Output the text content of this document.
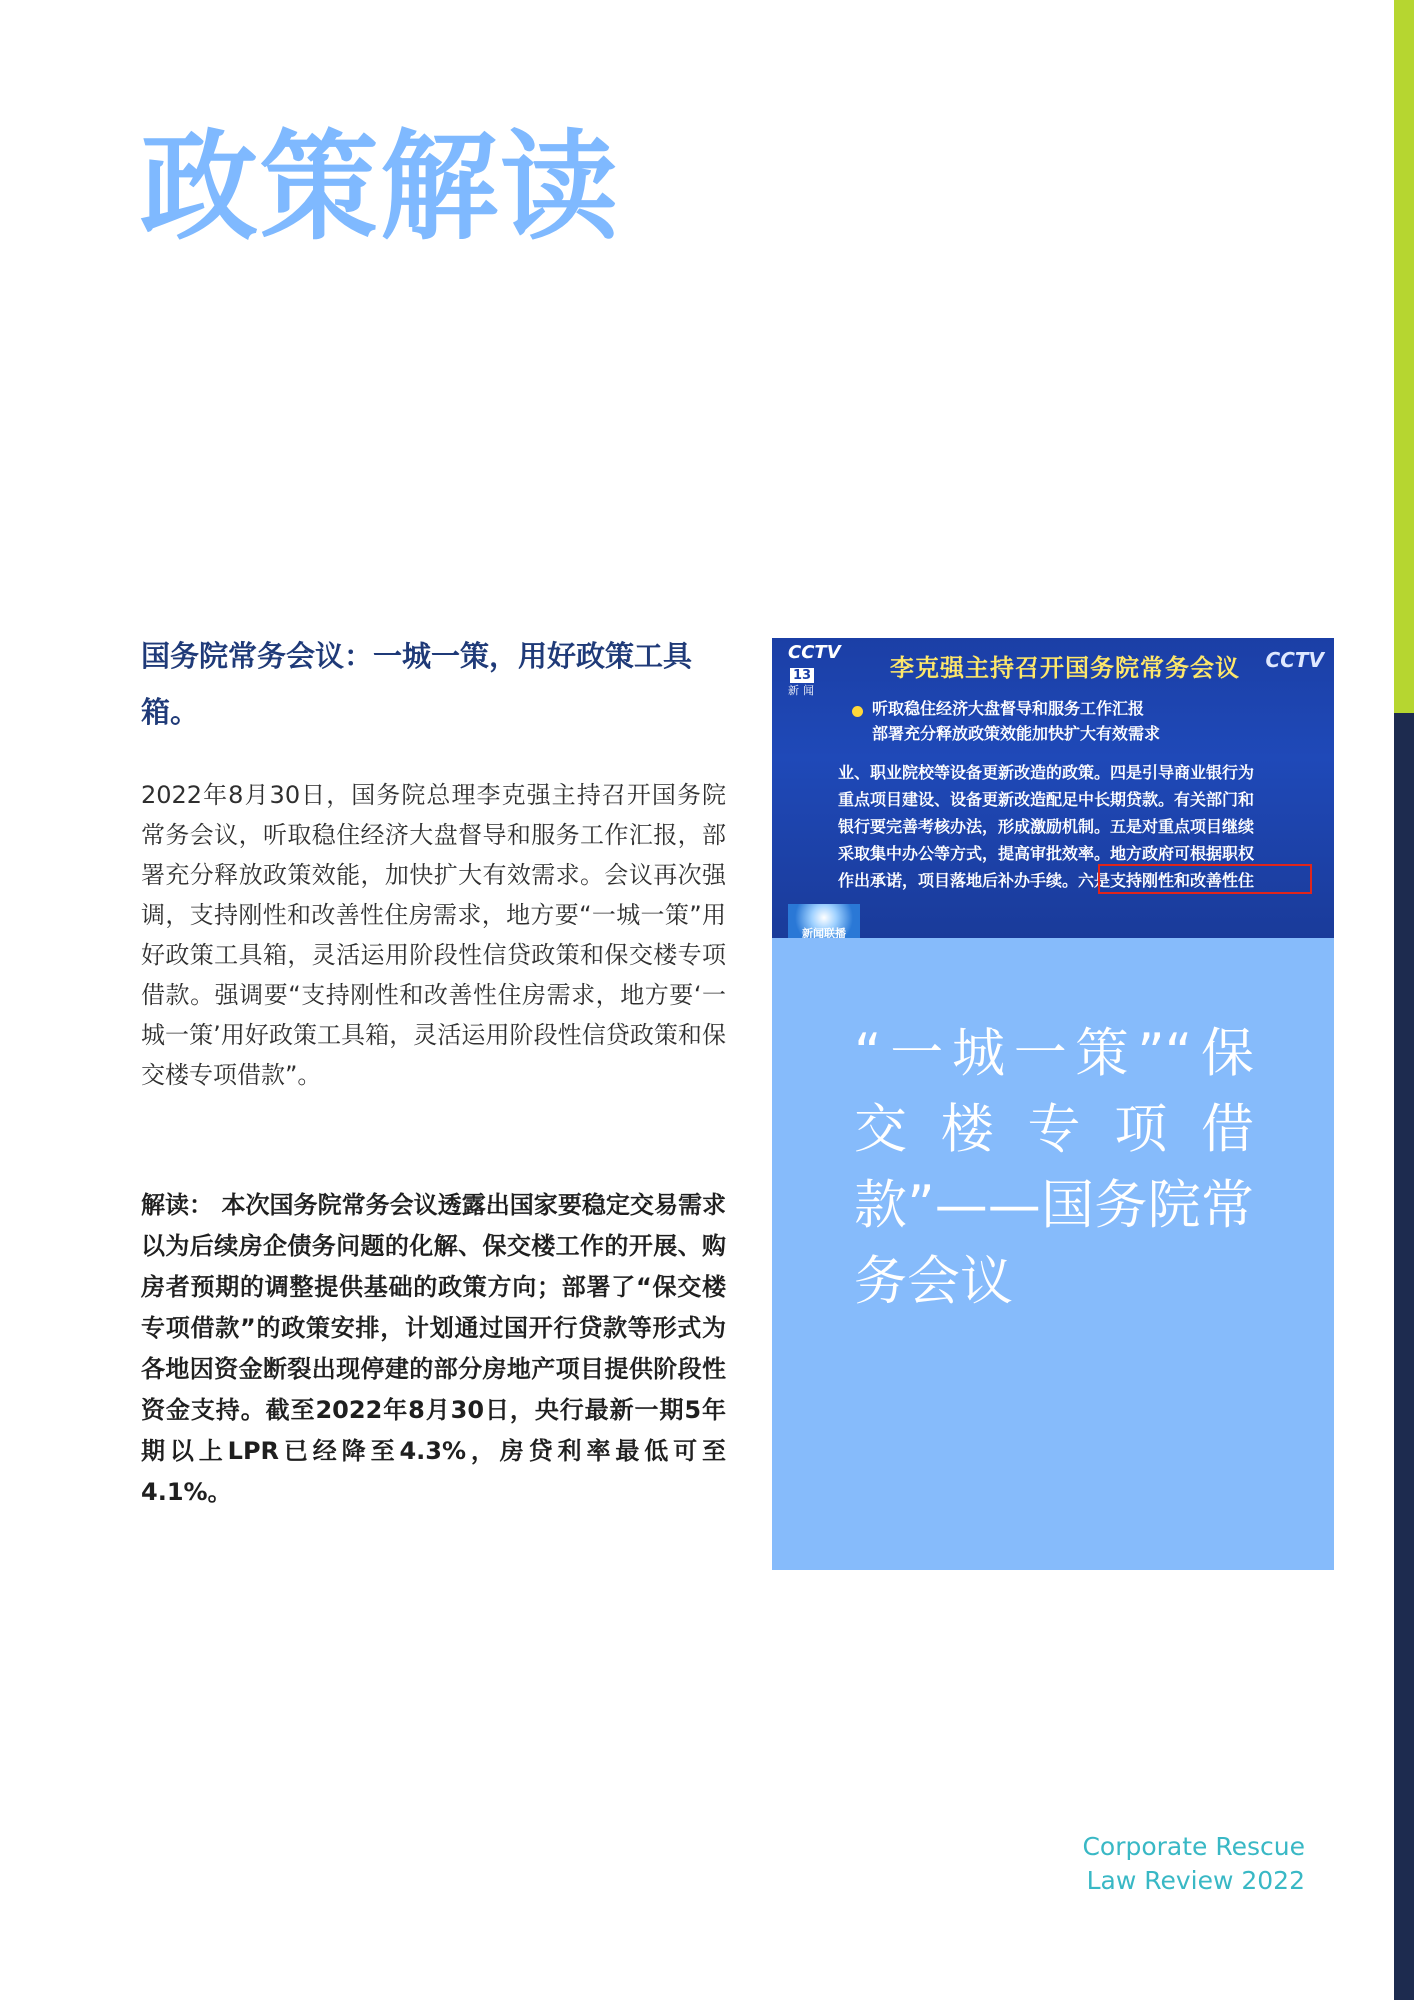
政策解读
国务院常务会议：一城一策，用好政策工具箱。
2022年8月30日，国务院总理李克强主持召开国务院常务会议，听取稳住经济大盘督导和服务工作汇报，部署充分释放政策效能，加快扩大有效需求。会议再次强调，支持刚性和改善性住房需求，地方要“一城一策”用好政策工具箱，灵活运用阶段性信贷政策和保交楼专项借款。强调要“支持刚性和改善性住房需求，地方要‘一城一策’用好政策工具箱，灵活运用阶段性信贷政策和保交楼专项借款”。
解读： 本次国务院常务会议透露出国家要稳定交易需求以为后续房企债务问题的化解、保交楼工作的开展、购房者预期的调整提供基础的政策方向；部署了“保交楼专项借款”的政策安排，计划通过国开行贷款等形式为各地因资金断裂出现停建的部分房地产项目提供阶段性资金支持。截至2022年8月30日，央行最新一期5年期以上LPR已经降至4.3%，房贷利率最低可至4.1%。
CCTV13
新闻
李克强主持召开国务院常务会议 CCTV
听取稳住经济大盘督导和服务工作汇报
部署充分释放政策效能加快扩大有效需求
业、职业院校等设备更新改造的政策。四是引导商业银行为
重点项目建设、设备更新改造配足中长期贷款。有关部门和
银行要完善考核办法，形成激励机制。五是对重点项目继续
采取集中办公等方式，提高审批效率。地方政府可根据职权
作出承诺，项目落地后补办手续。六是支持刚性和改善性住
新闻联播
“一城一策”“保交楼专项借款”——国务院常务会议
Corporate Rescue
Law Review 2022
